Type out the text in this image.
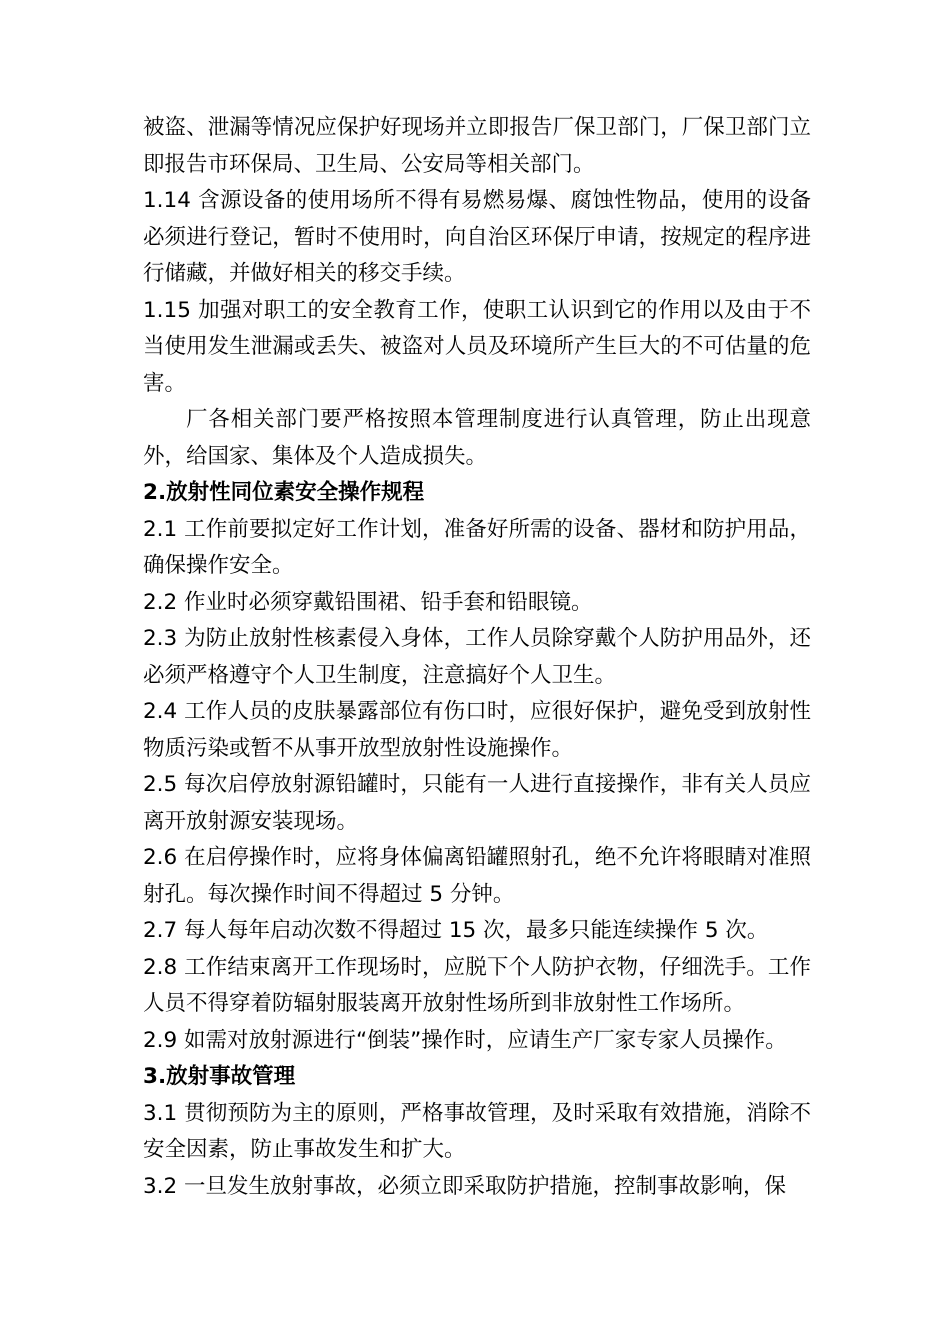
被盗、泄漏等情况应保护好现场并立即报告厂保卫部门，厂保卫部门立即报告市环保局、卫生局、公安局等相关部门。

1.14 含源设备的使用场所不得有易燃易爆、腐蚀性物品，使用的设备必须进行登记，暂时不使用时，向自治区环保厅申请，按规定的程序进行储藏，并做好相关的移交手续。

1.15 加强对职工的安全教育工作，使职工认识到它的作用以及由于不当使用发生泄漏或丢失、被盗对人员及环境所产生巨大的不可估量的危害。

厂各相关部门要严格按照本管理制度进行认真管理，防止出现意外，给国家、集体及个人造成损失。

2.放射性同位素安全操作规程

2.1 工作前要拟定好工作计划，准备好所需的设备、器材和防护用品，确保操作安全。

2.2 作业时必须穿戴铅围裙、铅手套和铅眼镜。

2.3 为防止放射性核素侵入身体，工作人员除穿戴个人防护用品外，还必须严格遵守个人卫生制度，注意搞好个人卫生。

2.4 工作人员的皮肤暴露部位有伤口时，应很好保护，避免受到放射性物质污染或暂不从事开放型放射性设施操作。

2.5 每次启停放射源铅罐时，只能有一人进行直接操作，非有关人员应离开放射源安装现场。

2.6 在启停操作时，应将身体偏离铅罐照射孔，绝不允许将眼睛对准照射孔。每次操作时间不得超过 5 分钟。

2.7 每人每年启动次数不得超过 15 次，最多只能连续操作 5 次。

2.8 工作结束离开工作现场时，应脱下个人防护衣物，仔细洗手。工作人员不得穿着防辐射服装离开放射性场所到非放射性工作场所。

2.9 如需对放射源进行“倒装”操作时，应请生产厂家专家人员操作。

3.放射事故管理

3.1 贯彻预防为主的原则，严格事故管理，及时采取有效措施，消除不安全因素，防止事故发生和扩大。

3.2 一旦发生放射事故，必须立即采取防护措施，控制事故影响，保
